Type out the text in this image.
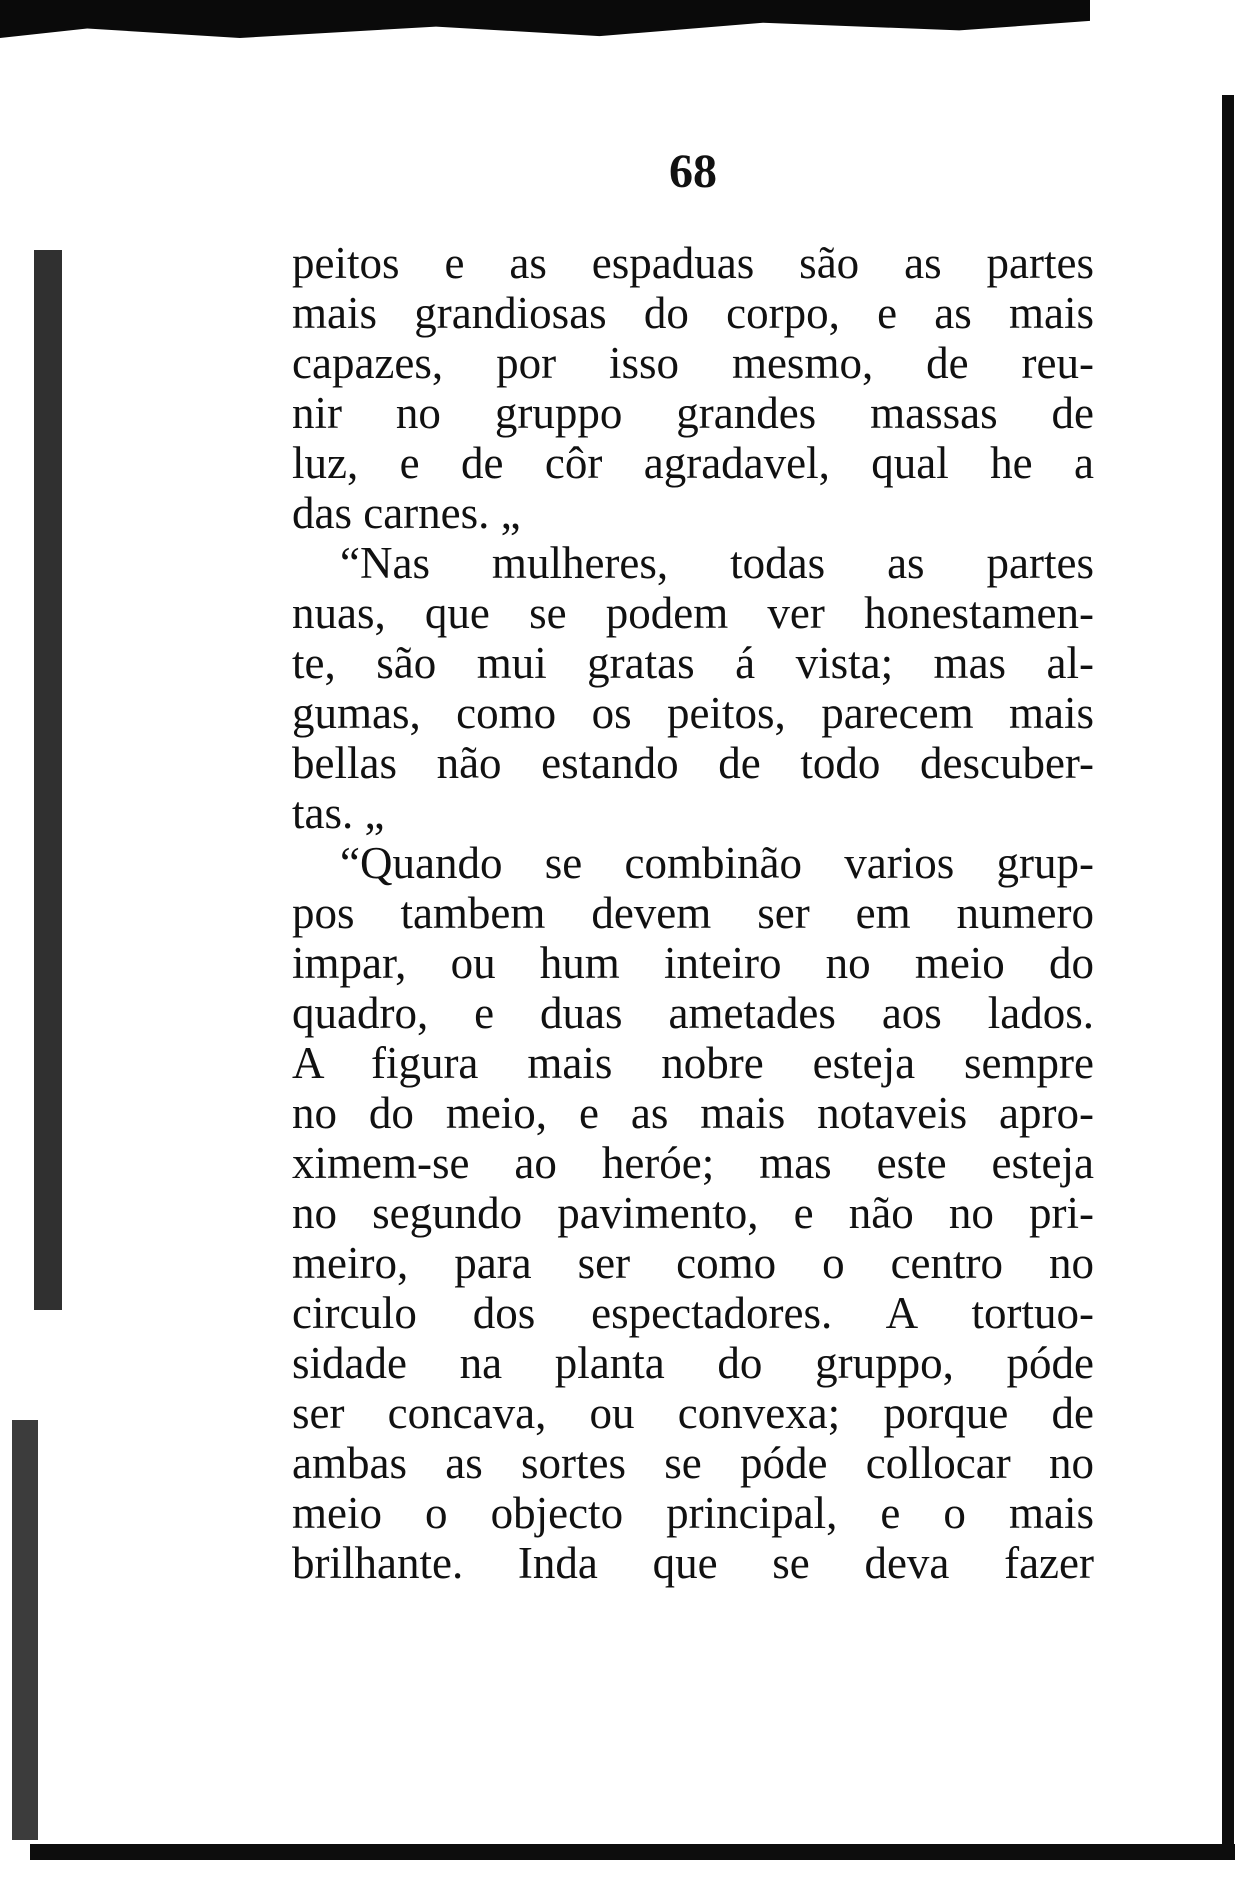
68
peitos e as espaduas são as partes
mais grandiosas do corpo, e as mais
capazes, por isso mesmo, de reu-
nir no gruppo grandes massas de
luz, e de côr agradavel, qual he a
das carnes. „
“Nas mulheres, todas as partes
nuas, que se podem ver honestamen-
te, são mui gratas á vista; mas al-
gumas, como os peitos, parecem mais
bellas não estando de todo descuber-
tas. „
“Quando se combinão varios grup-
pos tambem devem ser em numero
impar, ou hum inteiro no meio do
quadro, e duas ametades aos lados.
A figura mais nobre esteja sempre
no do meio, e as mais notaveis apro-
ximem-se ao heróe; mas este esteja
no segundo pavimento, e não no pri-
meiro, para ser como o centro no
circulo dos espectadores. A tortuo-
sidade na planta do gruppo, póde
ser concava, ou convexa; porque de
ambas as sortes se póde collocar no
meio o objecto principal, e o mais
brilhante. Inda que se deva fazer
